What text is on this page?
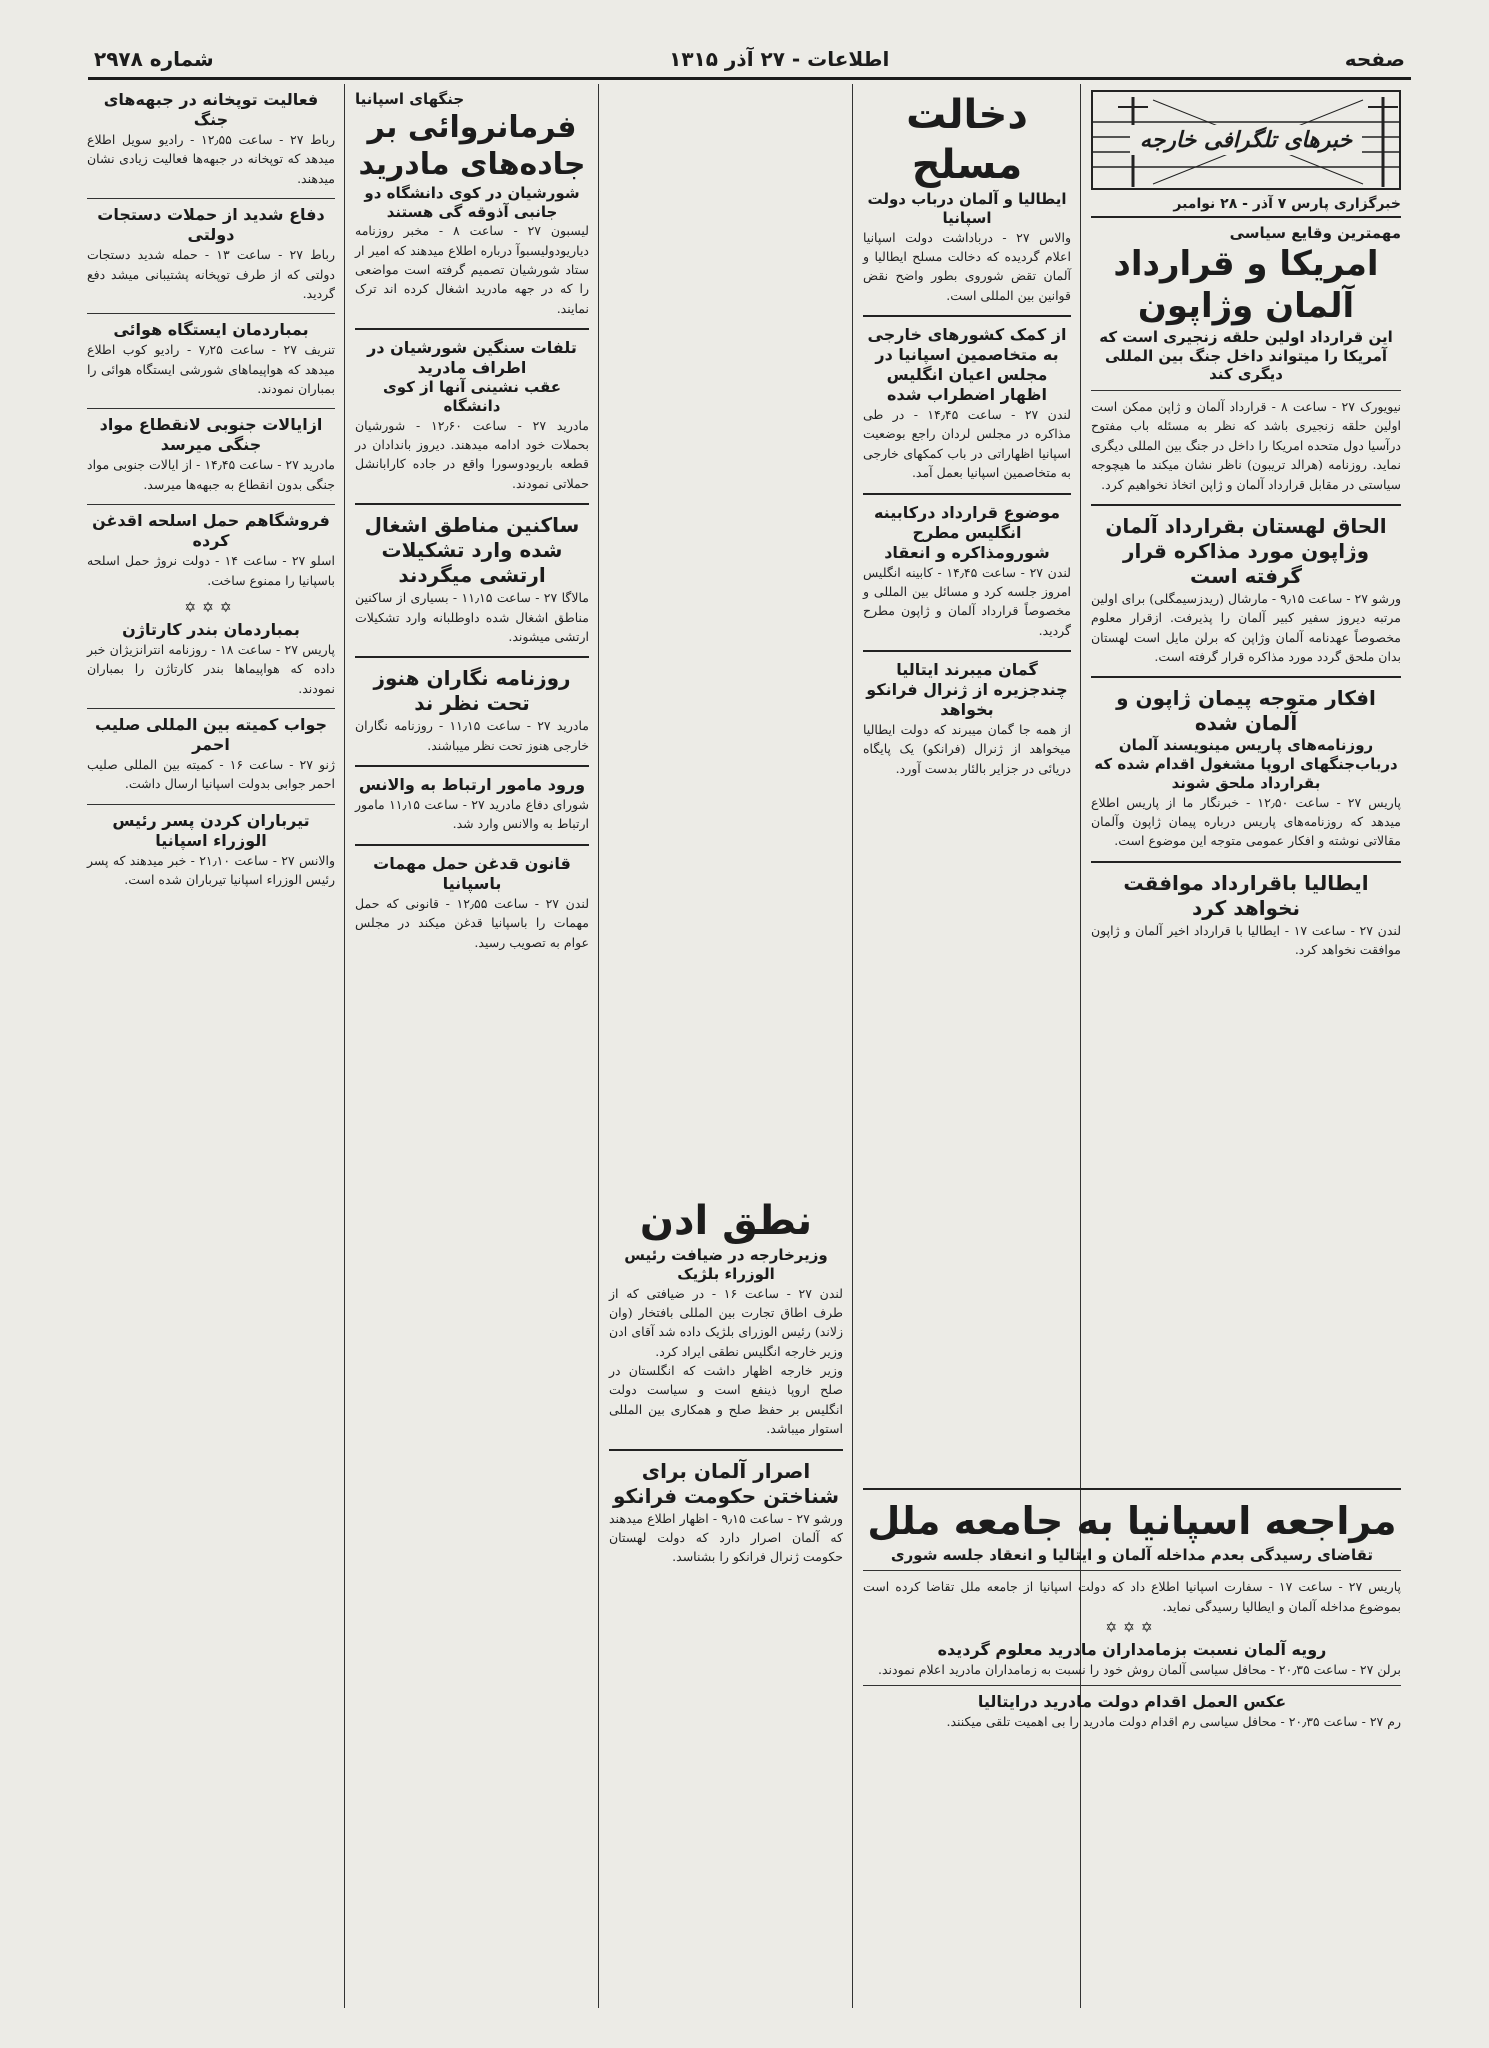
صفحه
اطلاعات - ۲۷ آذر ۱۳۱۵
شماره ۲۹۷۸
خبرهای تلگرافی خارجه
خبرگزاری پارس ۷ آذر - ۲۸ نوامبر
مهمترین وقایع سیاسی
امریکا و قرارداد آلمان وژاپون
این قرارداد اولین حلقه زنجیری است که آمریکا را میتواند داخل جنگ بین المللی دیگری کند

نیویورک ۲۷ - ساعت ۸ - قرارداد آلمان و ژاپن ممکن است اولین حلقه زنجیری باشد که نظر به مسئله باب مفتوح درآسیا دول متحده امریکا را داخل در جنگ بین المللی دیگری نماید. روزنامه (هرالد تریبون) ناظر نشان میکند ما هیچوجه سیاستی در مقابل قرارداد آلمان و ژاپن اتخاذ نخواهیم کرد.

الحاق لهستان بقرارداد آلمان وژاپون مورد مذاکره قرار گرفته است

ورشو ۲۷ - ساعت ۹٫۱۵ - مارشال (ریدزسیمگلی) برای اولین مرتبه دیروز سفیر کبیر آلمان را پذیرفت. ازقرار معلوم مخصوصاً عهدنامه آلمان وژاپن که برلن مایل است لهستان بدان ملحق گردد مورد مذاکره قرار گرفته است.

افکار متوجه پیمان ژاپون و آلمان شده
روزنامه‌های پاریس مینویسند آلمان درباب‌جنگهای اروپا مشغول اقدام شده که بقرارداد ملحق شوند

پاریس ۲۷ - ساعت ۱۲٫۵۰ - خبرنگار ما از پاریس اطلاع میدهد که روزنامه‌های پاریس درباره پیمان ژاپون وآلمان مقالاتی نوشته و افکار عمومی متوجه این موضوع است.

ایطالیا باقرارداد موافقت نخواهد کرد

لندن ۲۷ - ساعت ۱۷ - ایطالیا با قرارداد اخیر آلمان و ژاپون موافقت نخواهد کرد.

دخالت مسلح
ایطالیا و آلمان درباب دولت اسپانیا

والاس ۲۷ - درباداشت دولت اسپانیا اعلام گردیده که دخالت مسلح ایطالیا و آلمان تقض شوروی بطور واضح نقض قوانین بین المللی است.

از کمک کشورهای خارجی به متخاصمین اسپانیا در مجلس اعیان انگلیس اظهار اضطراب شده

لندن ۲۷ - ساعت ۱۴٫۴۵ - در طی مذاکره در مجلس لردان راجع بوضعیت اسپانیا اظهاراتی در باب کمکهای خارجی به متخاصمین اسپانیا بعمل آمد.

موضوع قرارداد درکابینه انگلیس مطرح شورومذاکره و انعقاد

لندن ۲۷ - ساعت ۱۴٫۴۵ - کابینه انگلیس امروز جلسه کرد و مسائل بین المللی و مخصوصاً قرارداد آلمان و ژاپون مطرح گردید.

گمان میبرند ایتالیا چندجزیره از ژنرال فرانکو بخواهد

از همه جا گمان میبرند که دولت ایطالیا میخواهد از ژنرال (فرانکو) یک پایگاه دریائی در جزایر بالئار بدست آورد.

نطق ادن
وزیرخارجه در ضیافت رئیس الوزراء بلژیک

لندن ۲۷ - ساعت ۱۶ - در ضیافتی که از طرف اطاق تجارت بین المللی بافتخار (وان زلاند) رئیس الوزرای بلژیک داده شد آقای ادن وزیر خارجه انگلیس نطقی ایراد کرد.

وزیر خارجه اظهار داشت که انگلستان در صلح اروپا ذینفع است و سیاست دولت انگلیس بر حفظ صلح و همکاری بین المللی استوار میباشد.

اصرار آلمان برای شناختن حکومت فرانکو

ورشو ۲۷ - ساعت ۹٫۱۵ - اظهار اطلاع میدهند که آلمان اصرار دارد که دولت لهستان حکومت ژنرال فرانکو را بشناسد.

جنگهای اسپانیا
فرمانروائی بر جاده‌های مادرید
شورشیان در کوی دانشگاه دو جانبی آذوقه گی هستند

لیسبون ۲۷ - ساعت ۸ - مخبر روزنامه دیاریودولیسبوآ درباره اطلاع میدهند که امیر ار ستاد شورشیان تصمیم گرفته است مواضعی را که در جهه مادرید اشغال کرده اند ترک نمایند.

تلفات سنگین شورشیان در اطراف مادرید
عقب نشینی آنها از کوی دانشگاه

مادرید ۲۷ - ساعت ۱۲٫۶۰ - شورشیان بحملات خود ادامه میدهند. دیروز باندادان در قطعه باریودوسورا واقع در جاده کارابانشل حملاتی نمودند.

ساکنین مناطق اشغال شده وارد تشکیلات ارتشی میگردند

مالاگا ۲۷ - ساعت ۱۱٫۱۵ - بسیاری از ساکنین مناطق اشغال شده داوطلبانه وارد تشکیلات ارتشی میشوند.

روزنامه نگاران هنوز تحت نظر ند

مادرید ۲۷ - ساعت ۱۱٫۱۵ - روزنامه نگاران خارجی هنوز تحت نظر میباشند.

ورود مامور ارتباط به والانس

شورای دفاع مادرید ۲۷ - ساعت ۱۱٫۱۵ مامور ارتباط به والانس وارد شد.

قانون قدغن حمل مهمات باسپانیا

لندن ۲۷ - ساعت ۱۲٫۵۵ - قانونی که حمل مهمات را باسپانیا قدغن میکند در مجلس عوام به تصویب رسید.

فعالیت توپخانه در جبهه‌های جنگ

رباط ۲۷ - ساعت ۱۲٫۵۵ - رادیو سویل اطلاع میدهد که توپخانه در جبهه‌ها فعالیت زیادی نشان میدهند.

دفاع شدید از حملات دستجات دولتی

رباط ۲۷ - ساعت ۱۳ - حمله شدید دستجات دولتی که از طرف توپخانه پشتیبانی میشد دفع گردید.

بمباردمان ایستگاه هوائی

تنریف ۲۷ - ساعت ۷٫۲۵ - رادیو کوب اطلاع میدهد که هواپیماهای شورشی ایستگاه هوائی را بمباران نمودند.

ازایالات جنوبی لانقطاع مواد جنگی میرسد

مادرید ۲۷ - ساعت ۱۴٫۴۵ - از ایالات جنوبی مواد جنگی بدون انقطاع به جبهه‌ها میرسد.

فروشگاهم حمل اسلحه اقدغن کرده

اسلو ۲۷ - ساعت ۱۴ - دولت نروژ حمل اسلحه باسپانیا را ممنوع ساخت.

✡✡✡
بمباردمان بندر کارتاژن

پاریس ۲۷ - ساعت ۱۸ - روزنامه انترانزیژان خبر داده که هواپیماها بندر کارتاژن را بمباران نمودند.

جواب کمیته بین المللی صلیب احمر

ژنو ۲۷ - ساعت ۱۶ - کمیته بین المللی صلیب احمر جوابی بدولت اسپانیا ارسال داشت.

تیرباران کردن پسر رئیس الوزراء اسپانیا

والانس ۲۷ - ساعت ۲۱٫۱۰ - خبر میدهند که پسر رئیس الوزراء اسپانیا تیرباران شده است.

مراجعه اسپانیا به جامعه ملل
تقاضای رسیدگی بعدم مداخله آلمان و ایتالیا و انعقاد جلسه شوری

پاریس ۲۷ - ساعت ۱۷ - سفارت اسپانیا اطلاع داد که دولت اسپانیا از جامعه ملل تقاضا کرده است بموضوع مداخله آلمان و ایطالیا رسیدگی نماید.

✡✡✡
رویه آلمان نسبت بزمامداران مادرید معلوم گردیده

برلن ۲۷ - ساعت ۲۰٫۳۵ - محافل سیاسی آلمان روش خود را نسبت به زمامداران مادرید اعلام نمودند.

عکس العمل اقدام دولت مادرید درایتالیا

رم ۲۷ - ساعت ۲۰٫۳۵ - محافل سیاسی رم اقدام دولت مادرید را بی اهمیت تلقی میکنند.
